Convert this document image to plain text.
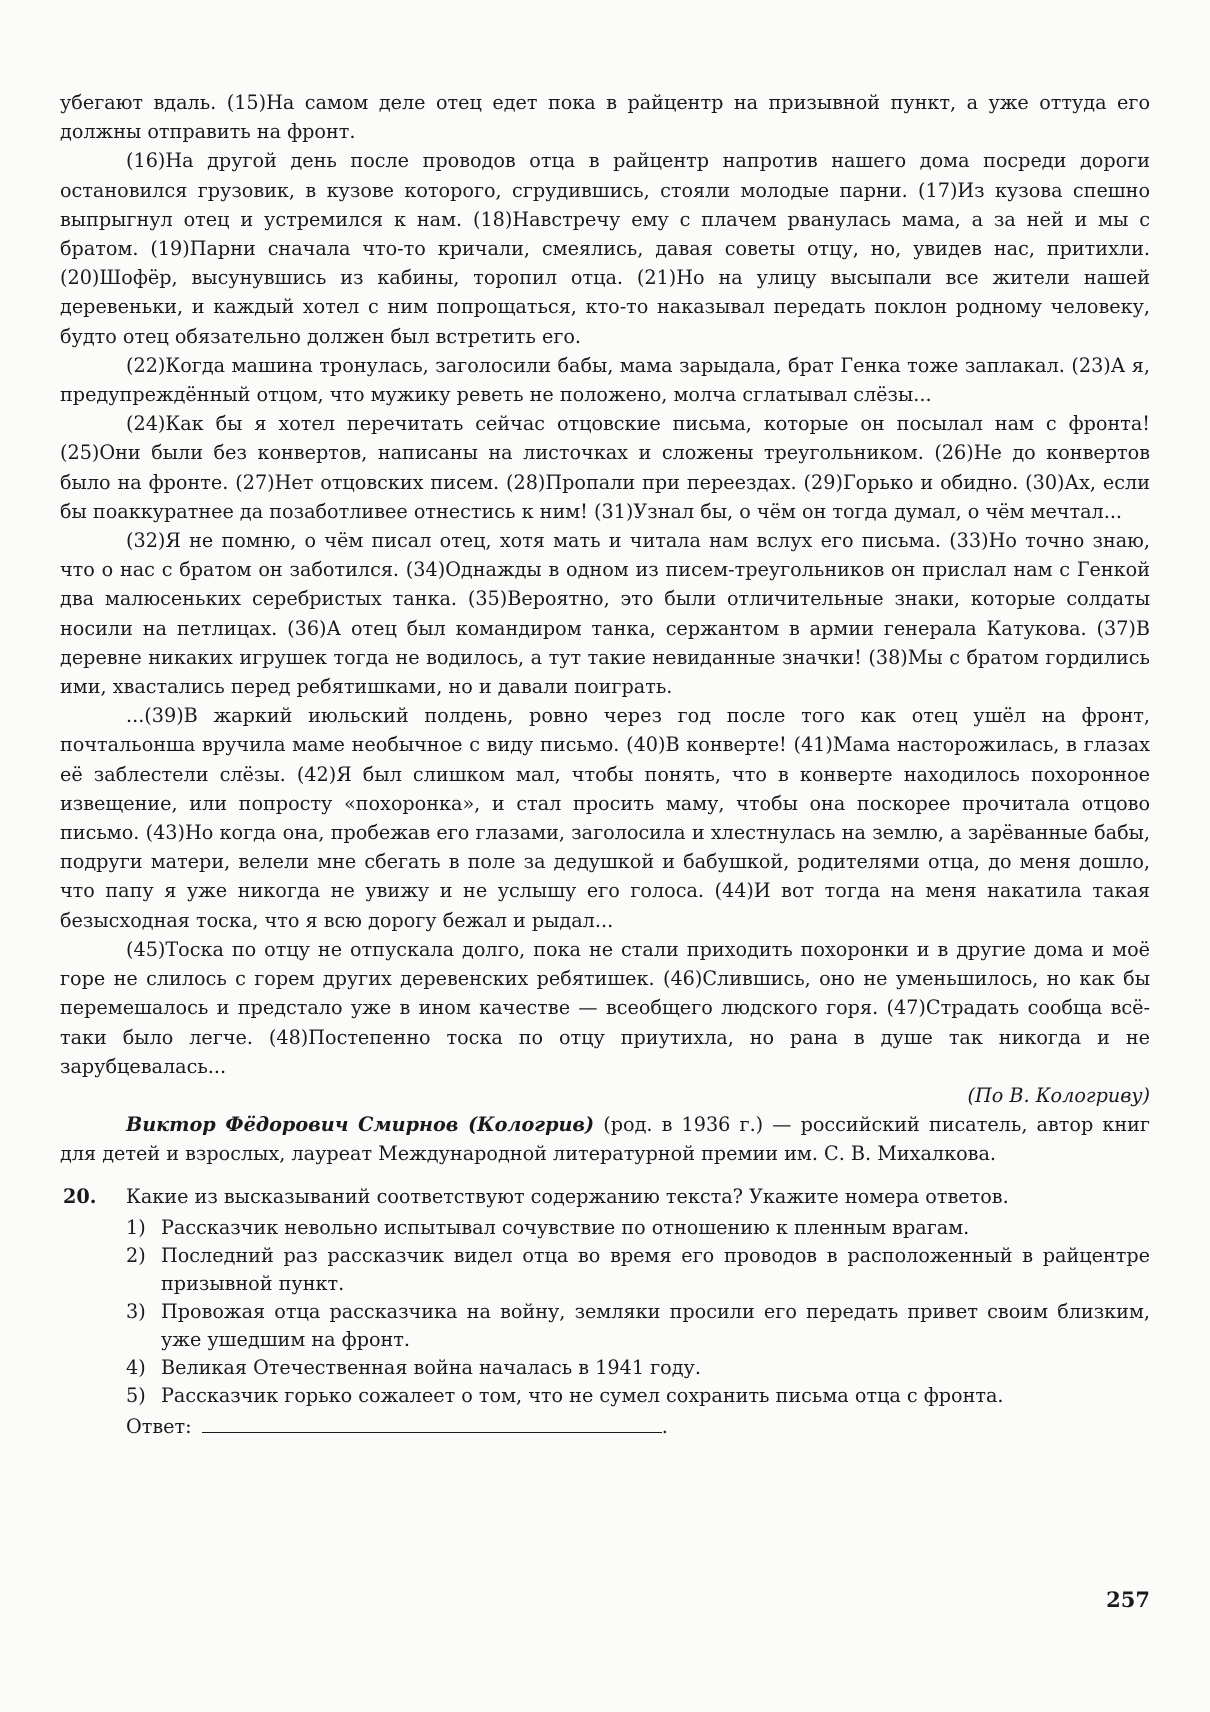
убегают вдаль. (15)На самом деле отец едет пока в райцентр на призывной пункт, а уже оттуда его должны отправить на фронт.

(16)На другой день после проводов отца в райцентр напротив нашего дома посреди дороги остановился грузовик, в кузове которого, сгрудившись, стояли молодые парни. (17)Из кузова спешно выпрыгнул отец и устремился к нам. (18)Навстречу ему с плачем рванулась мама, а за ней и мы с братом. (19)Парни сначала что-то кричали, смеялись, давая советы отцу, но, увидев нас, притихли. (20)Шофёр, высунувшись из кабины, торопил отца. (21)Но на улицу высыпали все жители нашей деревеньки, и каждый хотел с ним попрощаться, кто-то наказывал передать поклон родному человеку, будто отец обязательно должен был встретить его.

(22)Когда машина тронулась, заголосили бабы, мама зарыдала, брат Генка тоже заплакал. (23)А я, предупреждённый отцом, что мужику реветь не положено, молча сглатывал слёзы...

(24)Как бы я хотел перечитать сейчас отцовские письма, которые он посылал нам с фронта! (25)Они были без конвертов, написаны на листочках и сложены треугольником. (26)Не до конвертов было на фронте. (27)Нет отцовских писем. (28)Пропали при переездах. (29)Горько и обидно. (30)Ах, если бы поаккуратнее да позаботливее отнестись к ним! (31)Узнал бы, о чём он тогда думал, о чём мечтал...

(32)Я не помню, о чём писал отец, хотя мать и читала нам вслух его письма. (33)Но точно знаю, что о нас с братом он заботился. (34)Однажды в одном из писем-треугольников он прислал нам с Генкой два малюсеньких серебристых танка. (35)Вероятно, это были отличительные знаки, которые солдаты носили на петлицах. (36)А отец был командиром танка, сержантом в армии генерала Катукова. (37)В деревне никаких игрушек тогда не водилось, а тут такие невиданные значки! (38)Мы с братом гордились ими, хвастались перед ребятишками, но и давали поиграть.

...(39)В жаркий июльский полдень, ровно через год после того как отец ушёл на фронт, почтальонша вручила маме необычное с виду письмо. (40)В конверте! (41)Мама насторожилась, в глазах её заблестели слёзы. (42)Я был слишком мал, чтобы понять, что в конверте находилось похоронное извещение, или попросту «похоронка», и стал просить маму, чтобы она поскорее прочитала отцово письмо. (43)Но когда она, пробежав его глазами, заголосила и хлестнулась на землю, а зарёванные бабы, подруги матери, велели мне сбегать в поле за дедушкой и бабушкой, родителями отца, до меня дошло, что папу я уже никогда не увижу и не услышу его голоса. (44)И вот тогда на меня накатила такая безысходная тоска, что я всю дорогу бежал и рыдал...

(45)Тоска по отцу не отпускала долго, пока не стали приходить похоронки и в другие дома и моё горе не слилось с горем других деревенских ребятишек. (46)Слившись, оно не уменьшилось, но как бы перемешалось и предстало уже в ином качестве — всеобщего людского горя. (47)Страдать сообща всё-таки было легче. (48)Постепенно тоска по отцу приутихла, но рана в душе так никогда и не зарубцевалась...

(По В. Кологриву)

Виктор Фёдорович Смирнов (Кологрив) (род. в 1936 г.) — российский писатель, автор книг для детей и взрослых, лауреат Международной литературной премии им. С. В. Михалкова.

20. Какие из высказываний соответствуют содержанию текста? Укажите номера ответов.

1) Рассказчик невольно испытывал сочувствие по отношению к пленным врагам.
2) Последний раз рассказчик видел отца во время его проводов в расположенный в райцентре призывной пункт.
3) Провожая отца рассказчика на войну, земляки просили его передать привет своим близким, уже ушедшим на фронт.
4) Великая Отечественная война началась в 1941 году.
5) Рассказчик горько сожалеет о том, что не сумел сохранить письма отца с фронта.
Ответ:	.
257
